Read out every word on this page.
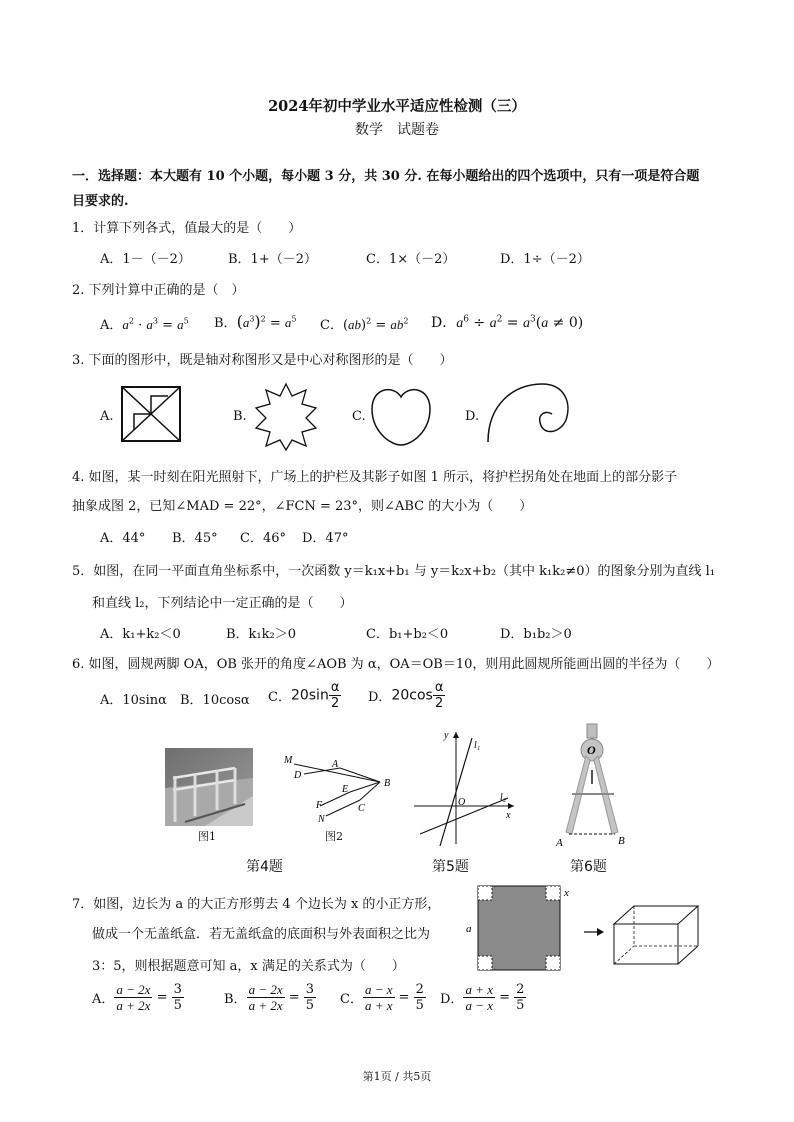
2024年初中学业水平适应性检测（三）
数学　试题卷
一．选择题：本大题有 10 个小题，每小题 3 分，共 30 分. 在每小题给出的四个选项中，只有一项是符合题
目要求的.
1．计算下列各式，值最大的是（　　）
A．1－（－2）	B．1+（－2）	C．1×（－2）	D．1÷（－2）
2. 下列计算中正确的是（　）
A．$a^2 \cdot a^3 = a^5$ B．$(a^3)^2 = a^5$ C．$(ab)^2 = ab^2$ D．$a^6 \div a^2 = a^3(a \ne 0)$
3. 下面的图形中，既是轴对称图形又是中心对称图形的是（　　）
A.	B.	C.	D.
4. 如图，某一时刻在阳光照射下，广场上的护栏及其影子如图 1 所示，将护栏拐角处在地面上的部分影子
抽象成图 2，已知∠MAD = 22°，∠FCN = 23°，则∠ABC 的大小为（　　）
A．44° B．45° C．46° D．47°
5．如图，在同一平面直角坐标系中，一次函数 y＝k₁x+b₁ 与 y＝k₂x+b₂（其中 k₁k₂≠0）的图象分别为直线 l₁
和直线 l₂，下列结论中一定正确的是（　　）
A．k₁+k₂＜0	B．k₁k₂＞0	C．b₁+b₂＜0	D．b₁b₂＞0
6. 如图，圆规两脚 OA，OB 张开的角度∠AOB 为 α，OA＝OB＝10，则用此圆规所能画出圆的半径为（　　）
A．10sinα B．10cosα C．$20\sin \frac{\alpha}{2}$ D．$20\cos \frac{\alpha}{2}$
图1
M	A
D
B
E
C
F
N
图2
第4题
y
l₁
l₂
O
x
第5题
O
A	B
第6题
7．如图，边长为 a 的大正方形剪去 4 个边长为 x 的小正方形，
做成一个无盖纸盒．若无盖纸盒的底面积与外表面积之比为
3：5，则根据题意可知 a，x 满足的关系式为（　　）
A． $\frac{a - 2x}{a + 2x} = \frac{3}{5}$	B． $\frac{a - 2x}{a + 2x} = \frac{3}{5}$ C． $\frac{a - x}{a + x} = \frac{2}{5}$ D． $\frac{a + x}{a - x} = \frac{2}{5}$
x
a
第1页 / 共5页
